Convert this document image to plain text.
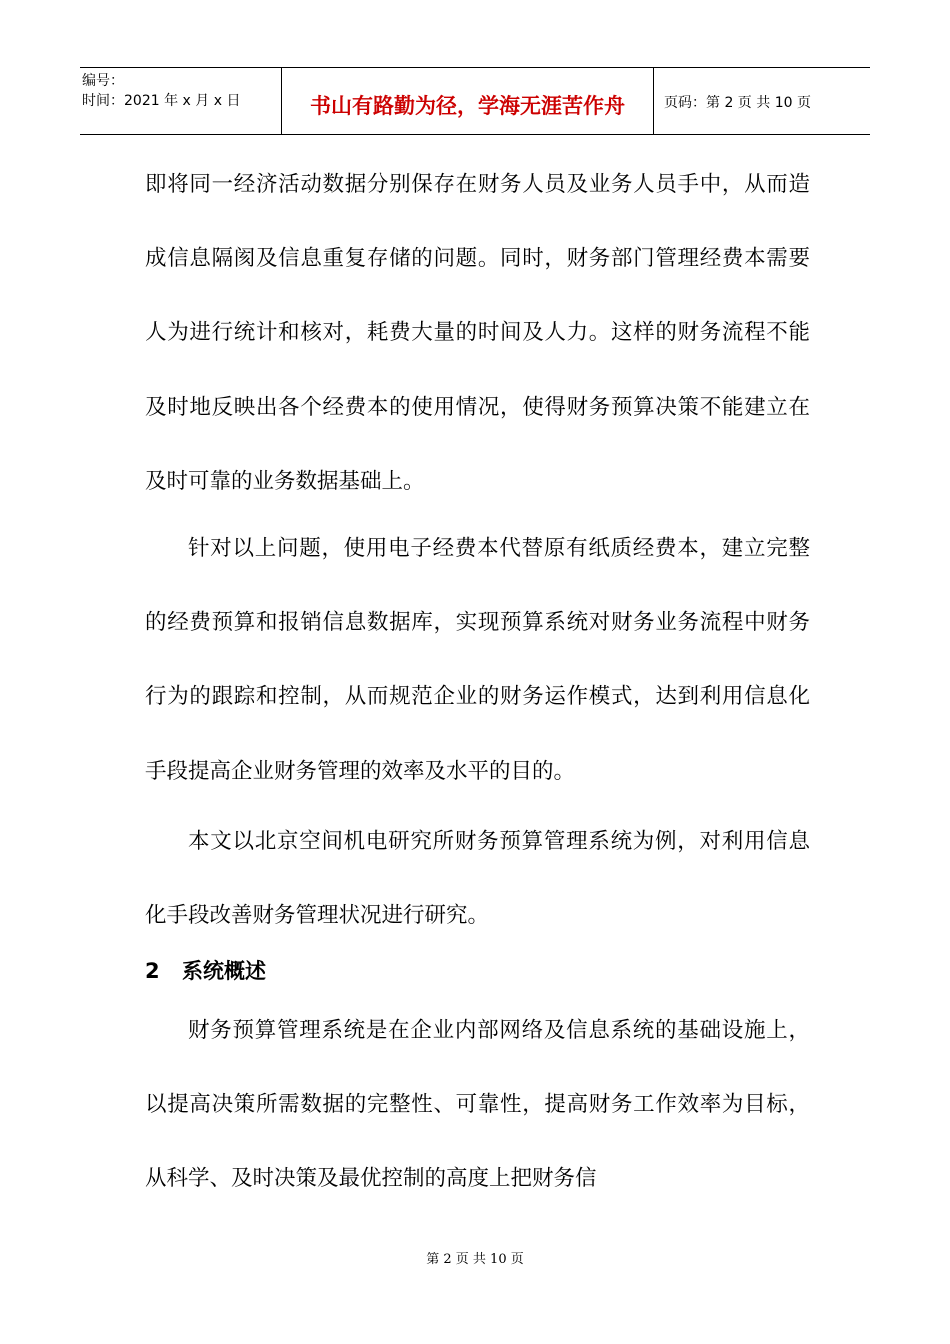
编号：
时间：2021 年 x 月 x 日	书山有路勤为径，学海无涯苦作舟	页码：第 2 页 共 10 页

即将同一经济活动数据分别保存在财务人员及业务人员手中，从而造成信息隔阂及信息重复存储的问题。同时，财务部门管理经费本需要人为进行统计和核对，耗费大量的时间及人力。这样的财务流程不能及时地反映出各个经费本的使用情况，使得财务预算决策不能建立在及时可靠的业务数据基础上。

针对以上问题，使用电子经费本代替原有纸质经费本，建立完整的经费预算和报销信息数据库，实现预算系统对财务业务流程中财务行为的跟踪和控制，从而规范企业的财务运作模式，达到利用信息化手段提高企业财务管理的效率及水平的目的。

本文以北京空间机电研究所财务预算管理系统为例，对利用信息化手段改善财务管理状况进行研究。

2 系统概述

财务预算管理系统是在企业内部网络及信息系统的基础设施上，以提高决策所需数据的完整性、可靠性，提高财务工作效率为目标，从科学、及时决策及最优控制的高度上把财务信

第 2 页 共 10 页
